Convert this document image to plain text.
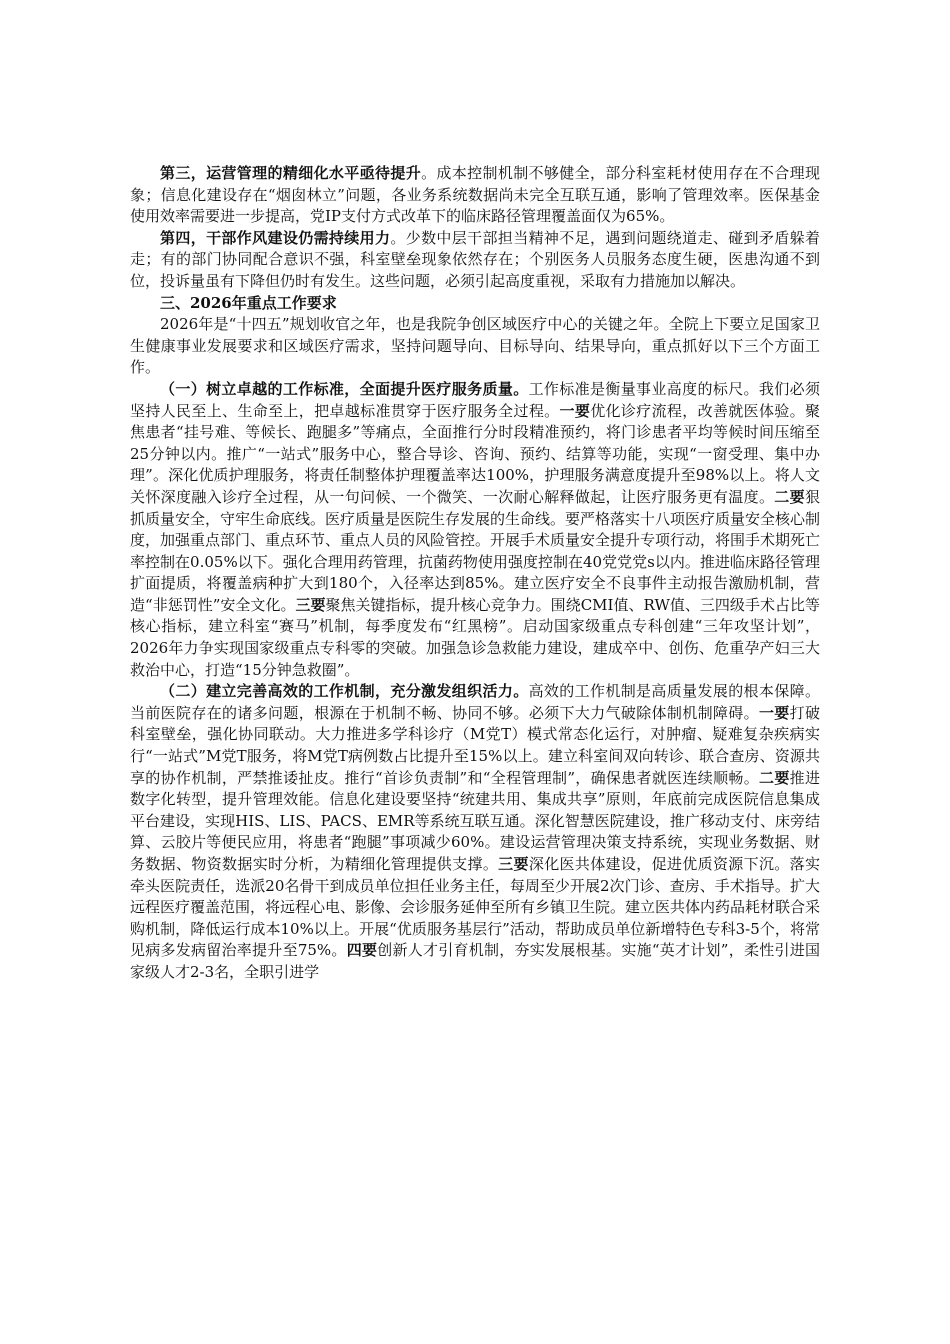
第三，运营管理的精细化水平亟待提升。成本控制机制不够健全，部分科室耗材使用存在不合理现象；信息化建设存在“烟囱林立”问题，各业务系统数据尚未完全互联互通，影响了管理效率。医保基金使用效率需要进一步提高，党IP支付方式改革下的临床路径管理覆盖面仅为65%。

第四，干部作风建设仍需持续用力。少数中层干部担当精神不足，遇到问题绕道走、碰到矛盾躲着走；有的部门协同配合意识不强，科室壁垒现象依然存在；个别医务人员服务态度生硬，医患沟通不到位，投诉量虽有下降但仍时有发生。这些问题，必须引起高度重视，采取有力措施加以解决。

三、2026年重点工作要求

2026年是“十四五”规划收官之年，也是我院争创区域医疗中心的关键之年。全院上下要立足国家卫生健康事业发展要求和区域医疗需求，坚持问题导向、目标导向、结果导向，重点抓好以下三个方面工作。

（一）树立卓越的工作标准，全面提升医疗服务质量。工作标准是衡量事业高度的标尺。我们必须坚持人民至上、生命至上，把卓越标准贯穿于医疗服务全过程。一要优化诊疗流程，改善就医体验。聚焦患者“挂号难、等候长、跑腿多”等痛点，全面推行分时段精准预约，将门诊患者平均等候时间压缩至25分钟以内。推广“一站式”服务中心，整合导诊、咨询、预约、结算等功能，实现“一窗受理、集中办理”。深化优质护理服务，将责任制整体护理覆盖率达100%，护理服务满意度提升至98%以上。将人文关怀深度融入诊疗全过程，从一句问候、一个微笑、一次耐心解释做起，让医疗服务更有温度。二要狠抓质量安全，守牢生命底线。医疗质量是医院生存发展的生命线。要严格落实十八项医疗质量安全核心制度，加强重点部门、重点环节、重点人员的风险管控。开展手术质量安全提升专项行动，将围手术期死亡率控制在0.05%以下。强化合理用药管理，抗菌药物使用强度控制在40党党党s以内。推进临床路径管理扩面提质，将覆盖病种扩大到180个，入径率达到85%。建立医疗安全不良事件主动报告激励机制，营造“非惩罚性”安全文化。三要聚焦关键指标，提升核心竞争力。围绕CMI值、RW值、三四级手术占比等核心指标，建立科室“赛马”机制，每季度发布“红黑榜”。启动国家级重点专科创建“三年攻坚计划”，2026年力争实现国家级重点专科零的突破。加强急诊急救能力建设，建成卒中、创伤、危重孕产妇三大救治中心，打造“15分钟急救圈”。

（二）建立完善高效的工作机制，充分激发组织活力。高效的工作机制是高质量发展的根本保障。当前医院存在的诸多问题，根源在于机制不畅、协同不够。必须下大力气破除体制机制障碍。一要打破科室壁垒，强化协同联动。大力推进多学科诊疗（M党T）模式常态化运行，对肿瘤、疑难复杂疾病实行“一站式”M党T服务，将M党T病例数占比提升至15%以上。建立科室间双向转诊、联合查房、资源共享的协作机制，严禁推诿扯皮。推行“首诊负责制”和“全程管理制”，确保患者就医连续顺畅。二要推进数字化转型，提升管理效能。信息化建设要坚持“统建共用、集成共享”原则，年底前完成医院信息集成平台建设，实现HIS、LIS、PACS、EMR等系统互联互通。深化智慧医院建设，推广移动支付、床旁结算、云胶片等便民应用，将患者“跑腿”事项减少60%。建设运营管理决策支持系统，实现业务数据、财务数据、物资数据实时分析，为精细化管理提供支撑。三要深化医共体建设，促进优质资源下沉。落实牵头医院责任，选派20名骨干到成员单位担任业务主任，每周至少开展2次门诊、查房、手术指导。扩大远程医疗覆盖范围，将远程心电、影像、会诊服务延伸至所有乡镇卫生院。建立医共体内药品耗材联合采购机制，降低运行成本10%以上。开展“优质服务基层行”活动，帮助成员单位新增特色专科3-5个，将常见病多发病留治率提升至75%。四要创新人才引育机制，夯实发展根基。实施“英才计划”，柔性引进国家级人才2-3名，全职引进学
